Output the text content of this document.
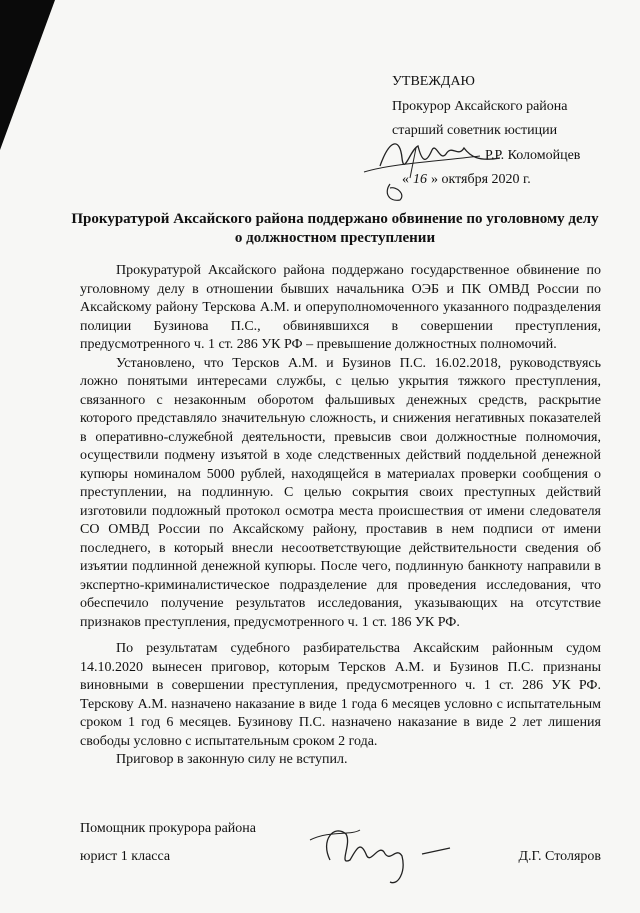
УТВЕЖДАЮ
Прокурор Аксайского района
старший советник юстиции
Р.Р. Коломойцев
« 16 » октября 2020 г.
Прокуратурой Аксайского района поддержано обвинение по уголовному делу о должностном преступлении

Прокуратурой Аксайского района поддержано государственное обвинение по уголовному делу в отношении бывших начальника ОЭБ и ПК ОМВД России по Аксайскому району Терскова А.М. и оперуполномоченного указанного подразделения полиции Бузинова П.С., обвинявшихся в совершении преступления, предусмотренного ч. 1 ст. 286 УК РФ – превышение должностных полномочий.

Установлено, что Терсков А.М. и Бузинов П.С. 16.02.2018, руководствуясь ложно понятыми интересами службы, с целью укрытия тяжкого преступления, связанного с незаконным оборотом фальшивых денежных средств, раскрытие которого представляло значительную сложность, и снижения негативных показателей в оперативно-служебной деятельности, превысив свои должностные полномочия, осуществили подмену изъятой в ходе следственных действий поддельной денежной купюры номиналом 5000 рублей, находящейся в материалах проверки сообщения о преступлении, на подлинную. С целью сокрытия своих преступных действий изготовили подложный протокол осмотра места происшествия от имени следователя СО ОМВД России по Аксайскому району, проставив в нем подписи от имени последнего, в который внесли несоответствующие действительности сведения об изъятии подлинной денежной купюры. После чего, подлинную банкноту направили в экспертно-криминалистическое подразделение для проведения исследования, что обеспечило получение результатов исследования, указывающих на отсутствие признаков преступления, предусмотренного ч. 1 ст. 186 УК РФ.

По результатам судебного разбирательства Аксайским районным судом 14.10.2020 вынесен приговор, которым Терсков А.М. и Бузинов П.С. признаны виновными в совершении преступления, предусмотренного ч. 1 ст. 286 УК РФ. Терскову А.М. назначено наказание в виде 1 года 6 месяцев условно с испытательным сроком 1 год 6 месяцев. Бузинову П.С. назначено наказание в виде 2 лет лишения свободы условно с испытательным сроком 2 года.

Приговор в законную силу не вступил.

Помощник прокурора района
юрист 1 класса	Д.Г. Столяров
